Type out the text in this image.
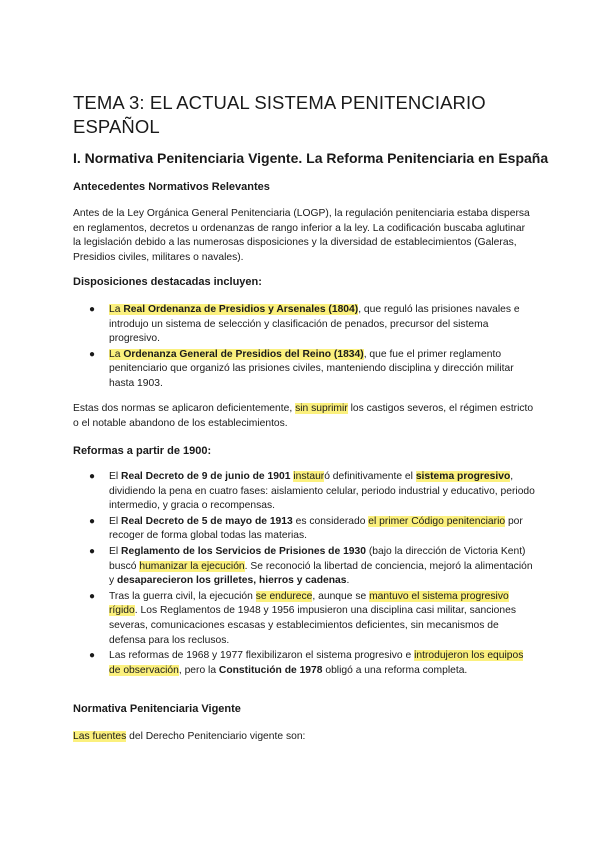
TEMA 3: EL ACTUAL SISTEMA PENITENCIARIO ESPAÑOL
I. Normativa Penitenciaria Vigente. La Reforma Penitenciaria en España
Antecedentes Normativos Relevantes
Antes de la Ley Orgánica General Penitenciaria (LOGP), la regulación penitenciaria estaba dispersa en reglamentos, decretos u ordenanzas de rango inferior a la ley. La codificación buscaba aglutinar la legislación debido a las numerosas disposiciones y la diversidad de establecimientos (Galeras, Presidios civiles, militares o navales).
Disposiciones destacadas incluyen:
● La Real Ordenanza de Presidios y Arsenales (1804), que reguló las prisiones navales e introdujo un sistema de selección y clasificación de penados, precursor del sistema progresivo.
● La Ordenanza General de Presidios del Reino (1834), que fue el primer reglamento penitenciario que organizó las prisiones civiles, manteniendo disciplina y dirección militar hasta 1903.
Estas dos normas se aplicaron deficientemente, sin suprimir los castigos severos, el régimen estricto o el notable abandono de los establecimientos.
Reformas a partir de 1900:
● El Real Decreto de 9 de junio de 1901 instauró definitivamente el sistema progresivo, dividiendo la pena en cuatro fases: aislamiento celular, periodo industrial y educativo, periodo intermedio, y gracia o recompensas.
● El Real Decreto de 5 de mayo de 1913 es considerado el primer Código penitenciario por recoger de forma global todas las materias.
● El Reglamento de los Servicios de Prisiones de 1930 (bajo la dirección de Victoria Kent) buscó humanizar la ejecución. Se reconoció la libertad de conciencia, mejoró la alimentación y desaparecieron los grilletes, hierros y cadenas.
● Tras la guerra civil, la ejecución se endurece, aunque se mantuvo el sistema progresivo rígido. Los Reglamentos de 1948 y 1956 impusieron una disciplina casi militar, sanciones severas, comunicaciones escasas y establecimientos deficientes, sin mecanismos de defensa para los reclusos.
● Las reformas de 1968 y 1977 flexibilizaron el sistema progresivo e introdujeron los equipos de observación, pero la Constitución de 1978 obligó a una reforma completa.
Normativa Penitenciaria Vigente
Las fuentes del Derecho Penitenciario vigente son:
